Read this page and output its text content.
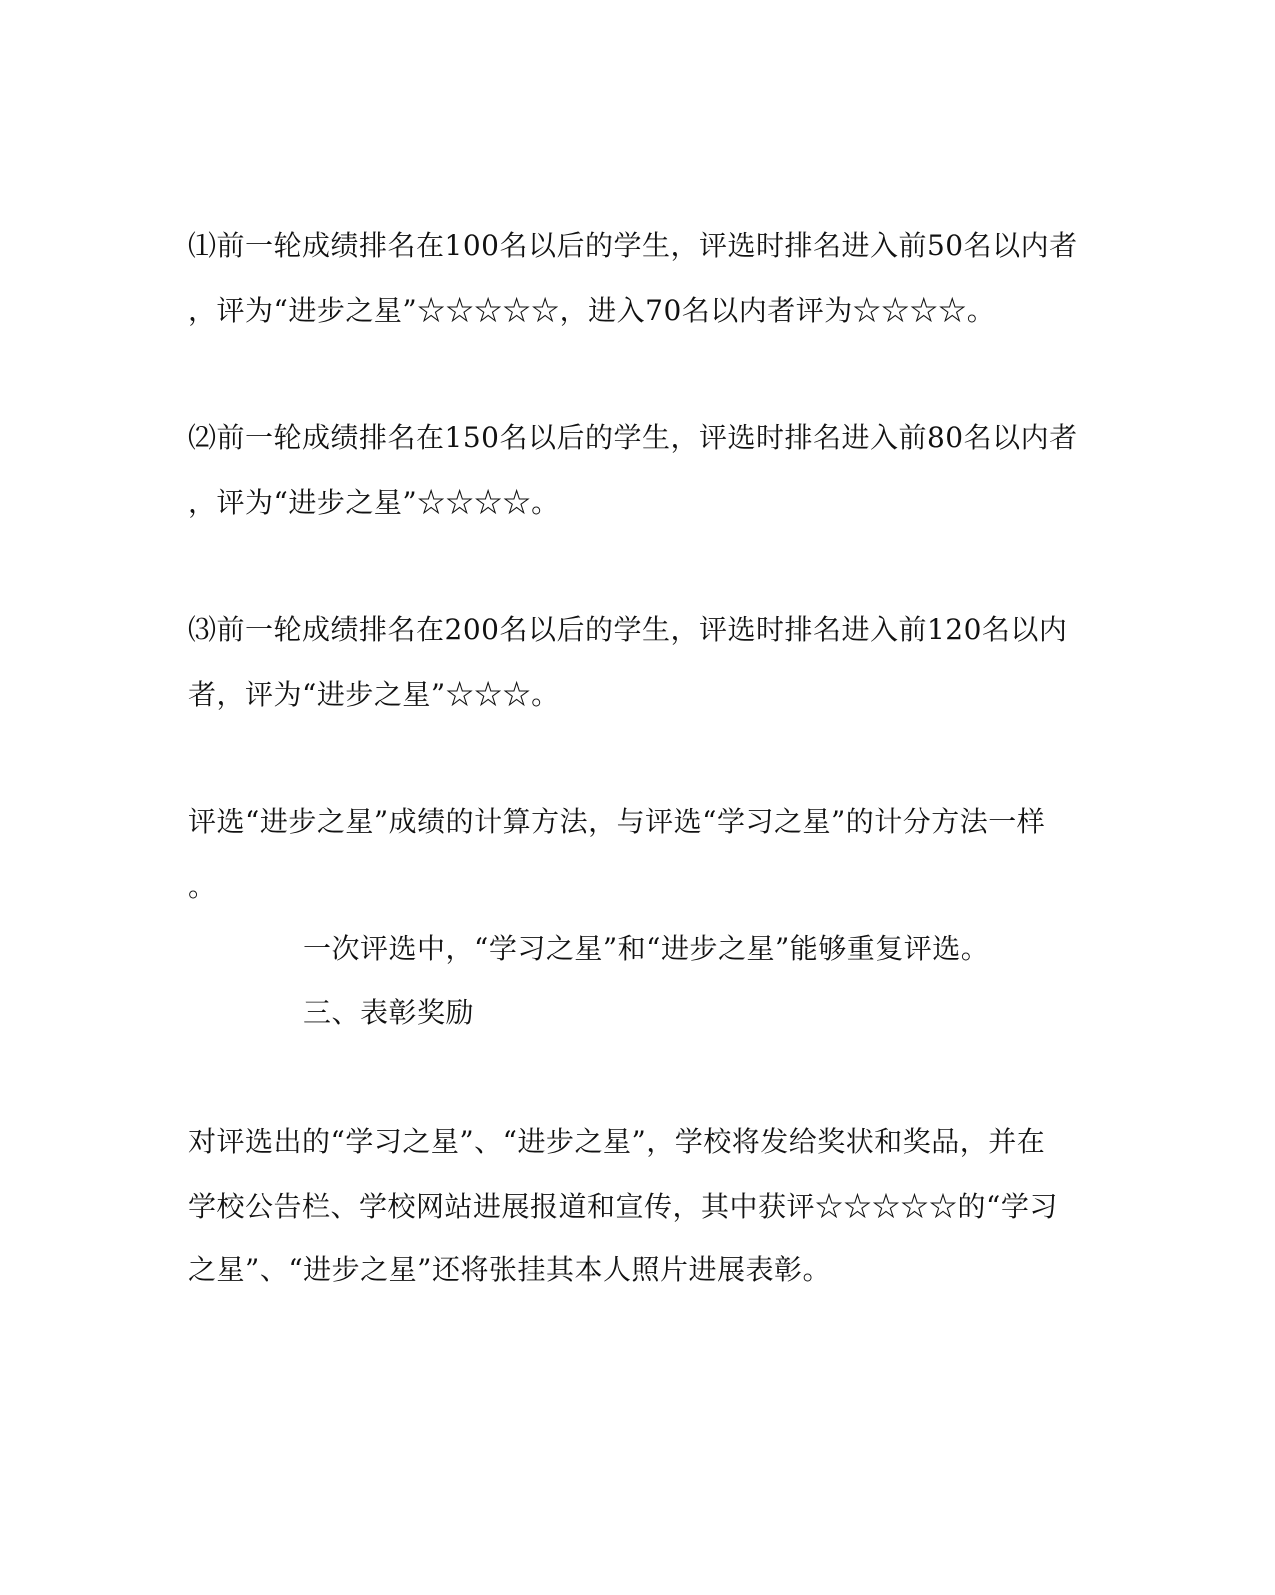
⑴前一轮成绩排名在100名以后的学生，评选时排名进入前50名以内者
，评为“进步之星”☆☆☆☆☆，进入70名以内者评为☆☆☆☆。
⑵前一轮成绩排名在150名以后的学生，评选时排名进入前80名以内者
，评为“进步之星”☆☆☆☆。
⑶前一轮成绩排名在200名以后的学生，评选时排名进入前120名以内
者，评为“进步之星”☆☆☆。
评选“进步之星”成绩的计算方法，与评选“学习之星”的计分方法一样
。
一次评选中，“学习之星”和“进步之星”能够重复评选。
三、表彰奖励
对评选出的“学习之星”、“进步之星”，学校将发给奖状和奖品，并在
学校公告栏、学校网站进展报道和宣传，其中获评☆☆☆☆☆的“学习
之星”、“进步之星”还将张挂其本人照片进展表彰。
